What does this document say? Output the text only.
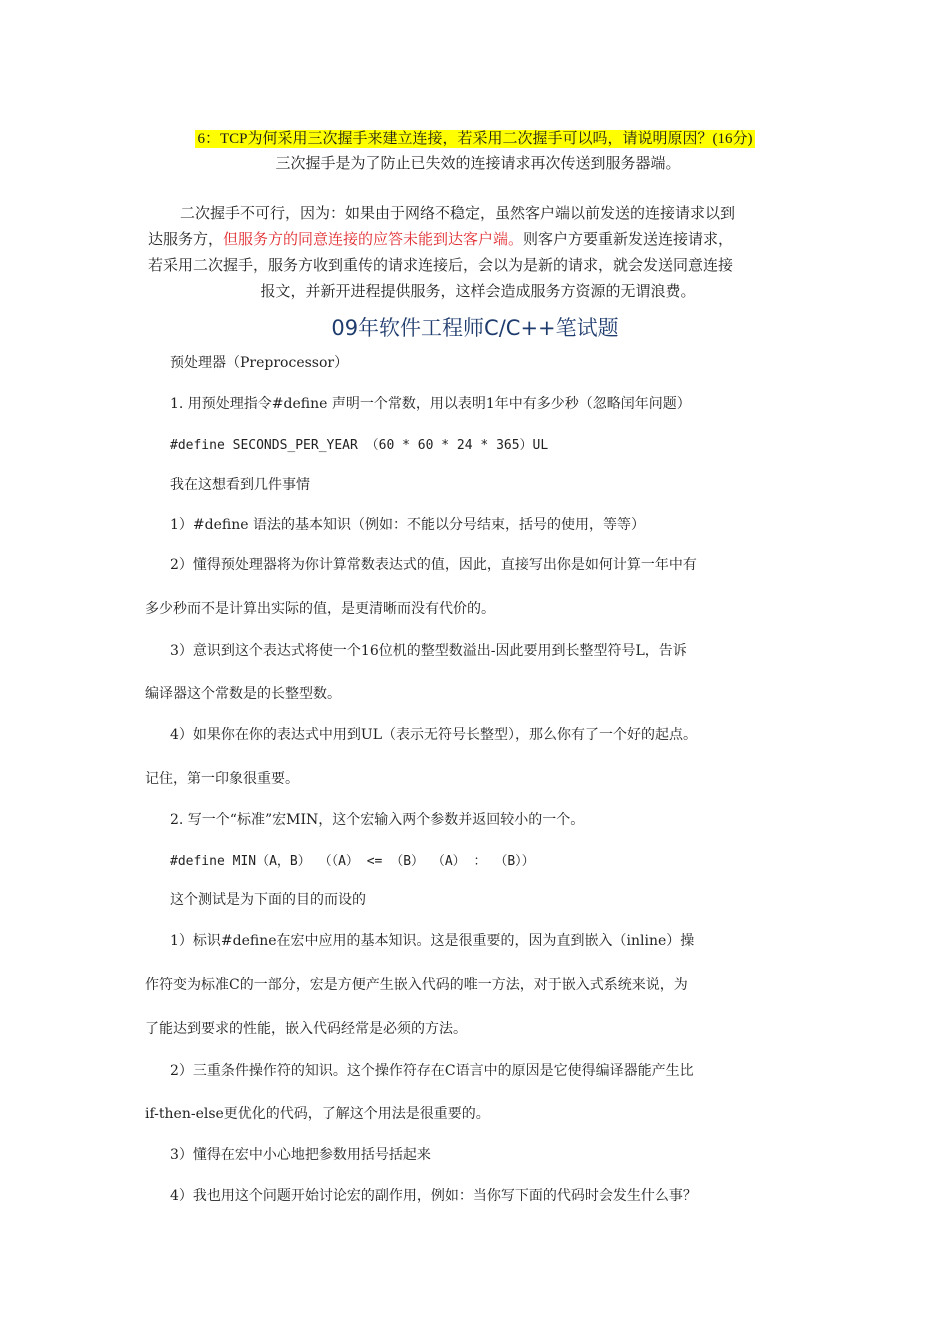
6：TCP为何采用三次握手来建立连接，若采用二次握手可以吗，请说明原因？(16分)
三次握手是为了防止已失效的连接请求再次传送到服务器端。
二次握手不可行，因为：如果由于网络不稳定，虽然客户端以前发送的连接请求以到
达服务方，但服务方的同意连接的应答未能到达客户端。则客户方要重新发送连接请求，
若采用二次握手，服务方收到重传的请求连接后，会以为是新的请求，就会发送同意连接
报文，并新开进程提供服务，这样会造成服务方资源的无谓浪费。
09年软件工程师C/C++笔试题
预处理器（Preprocessor）
1. 用预处理指令#define 声明一个常数，用以表明1年中有多少秒（忽略闰年问题）
#define SECONDS_PER_YEAR （60 * 60 * 24 * 365）UL
我在这想看到几件事情
1）#define 语法的基本知识（例如：不能以分号结束，括号的使用，等等）
2）懂得预处理器将为你计算常数表达式的值，因此，直接写出你是如何计算一年中有
多少秒而不是计算出实际的值，是更清晰而没有代价的。
3）意识到这个表达式将使一个16位机的整型数溢出-因此要用到长整型符号L，告诉
编译器这个常数是的长整型数。
4）如果你在你的表达式中用到UL（表示无符号长整型），那么你有了一个好的起点。
记住，第一印象很重要。
2. 写一个“标准”宏MIN，这个宏输入两个参数并返回较小的一个。
#define MIN（A，B） （（A） <= （B） （A） ： （B））
这个测试是为下面的目的而设的
1）标识#define在宏中应用的基本知识。这是很重要的，因为直到嵌入（inline）操
作符变为标准C的一部分，宏是方便产生嵌入代码的唯一方法，对于嵌入式系统来说，为
了能达到要求的性能，嵌入代码经常是必须的方法。
2）三重条件操作符的知识。这个操作符存在C语言中的原因是它使得编译器能产生比
if-then-else更优化的代码，了解这个用法是很重要的。
3）懂得在宏中小心地把参数用括号括起来
4）我也用这个问题开始讨论宏的副作用，例如：当你写下面的代码时会发生什么事？
